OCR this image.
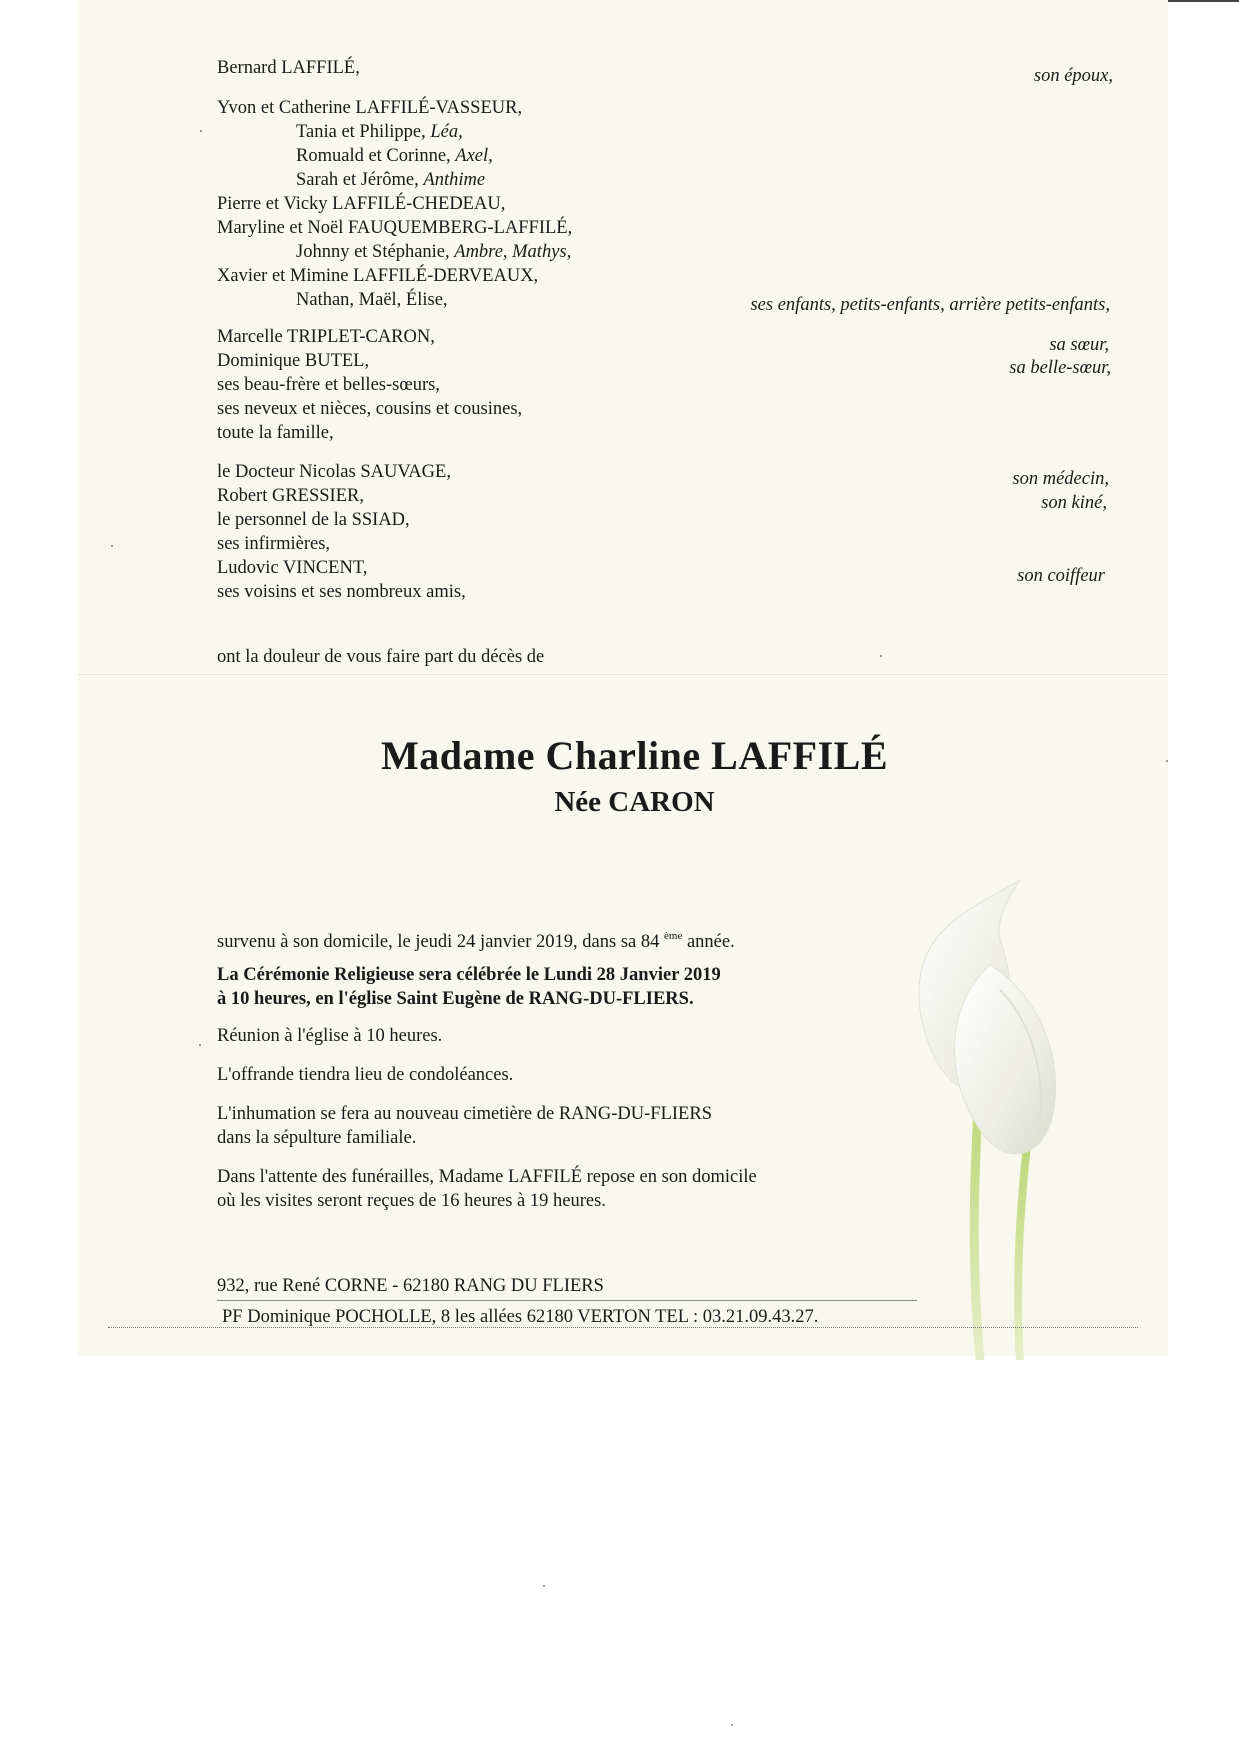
Bernard LAFFILÉ,	son époux,
Yvon et Catherine LAFFILÉ-VASSEUR,
Tania et Philippe, Léa,
Romuald et Corinne, Axel,
Sarah et Jérôme, Anthime
Pierre et Vicky LAFFILÉ-CHEDEAU,
Maryline et Noël FAUQUEMBERG-LAFFILÉ,
Johnny et Stéphanie, Ambre, Mathys,
Xavier et Mimine LAFFILÉ-DERVEAUX,
Nathan, Maël, Élise,	ses enfants, petits-enfants, arrière petits-enfants,
Marcelle TRIPLET-CARON,	sa sœur,
Dominique BUTEL,	sa belle-sœur,
ses beau-frère et belles-sœurs,
ses neveux et nièces, cousins et cousines,
toute la famille,
le Docteur Nicolas SAUVAGE,	son médecin,
Robert GRESSIER,	son kiné,
le personnel de la SSIAD,
ses infirmières,
Ludovic VINCENT,	son coiffeur
ses voisins et ses nombreux amis,
ont la douleur de vous faire part du décès de
Madame Charline LAFFILÉ
Née CARON
survenu à son domicile, le jeudi 24 janvier 2019, dans sa 84 $^{ème}$ année.
La Cérémonie Religieuse sera célébrée le Lundi 28 Janvier 2019
à 10 heures, en l'église Saint Eugène de RANG-DU-FLIERS.
Réunion à l'église à 10 heures.
L'offrande tiendra lieu de condoléances.
L'inhumation se fera au nouveau cimetière de RANG-DU-FLIERS
dans la sépulture familiale.
Dans l'attente des funérailles, Madame LAFFILÉ repose en son domicile
où les visites seront reçues de 16 heures à 19 heures.
932, rue René CORNE - 62180 RANG DU FLIERS
PF Dominique POCHOLLE, 8 les allées 62180 VERTON TEL : 03.21.09.43.27.
